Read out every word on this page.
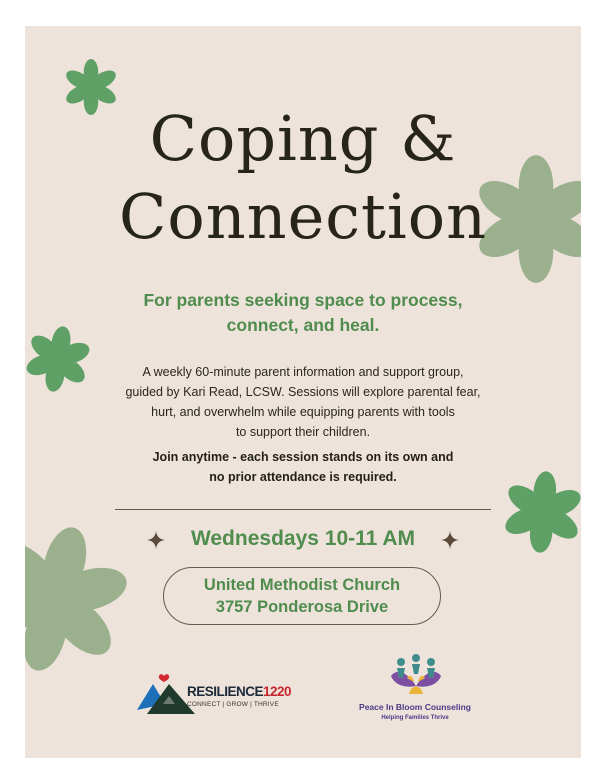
Coping &
Connection
For parents seeking space to process,
connect, and heal.
A weekly 60-minute parent information and support group,
guided by Kari Read, LCSW. Sessions will explore parental fear,
hurt, and overwhelm while equipping parents with tools
to support their children.
Join anytime - each session stands on its own and
no prior attendance is required.
Wednesdays 10-11 AM
United Methodist Church
3757 Ponderosa Drive
RESILIENCE1220
CONNECT | GROW | THRIVE	Peace In Bloom Counseling
Helping Families Thrive
